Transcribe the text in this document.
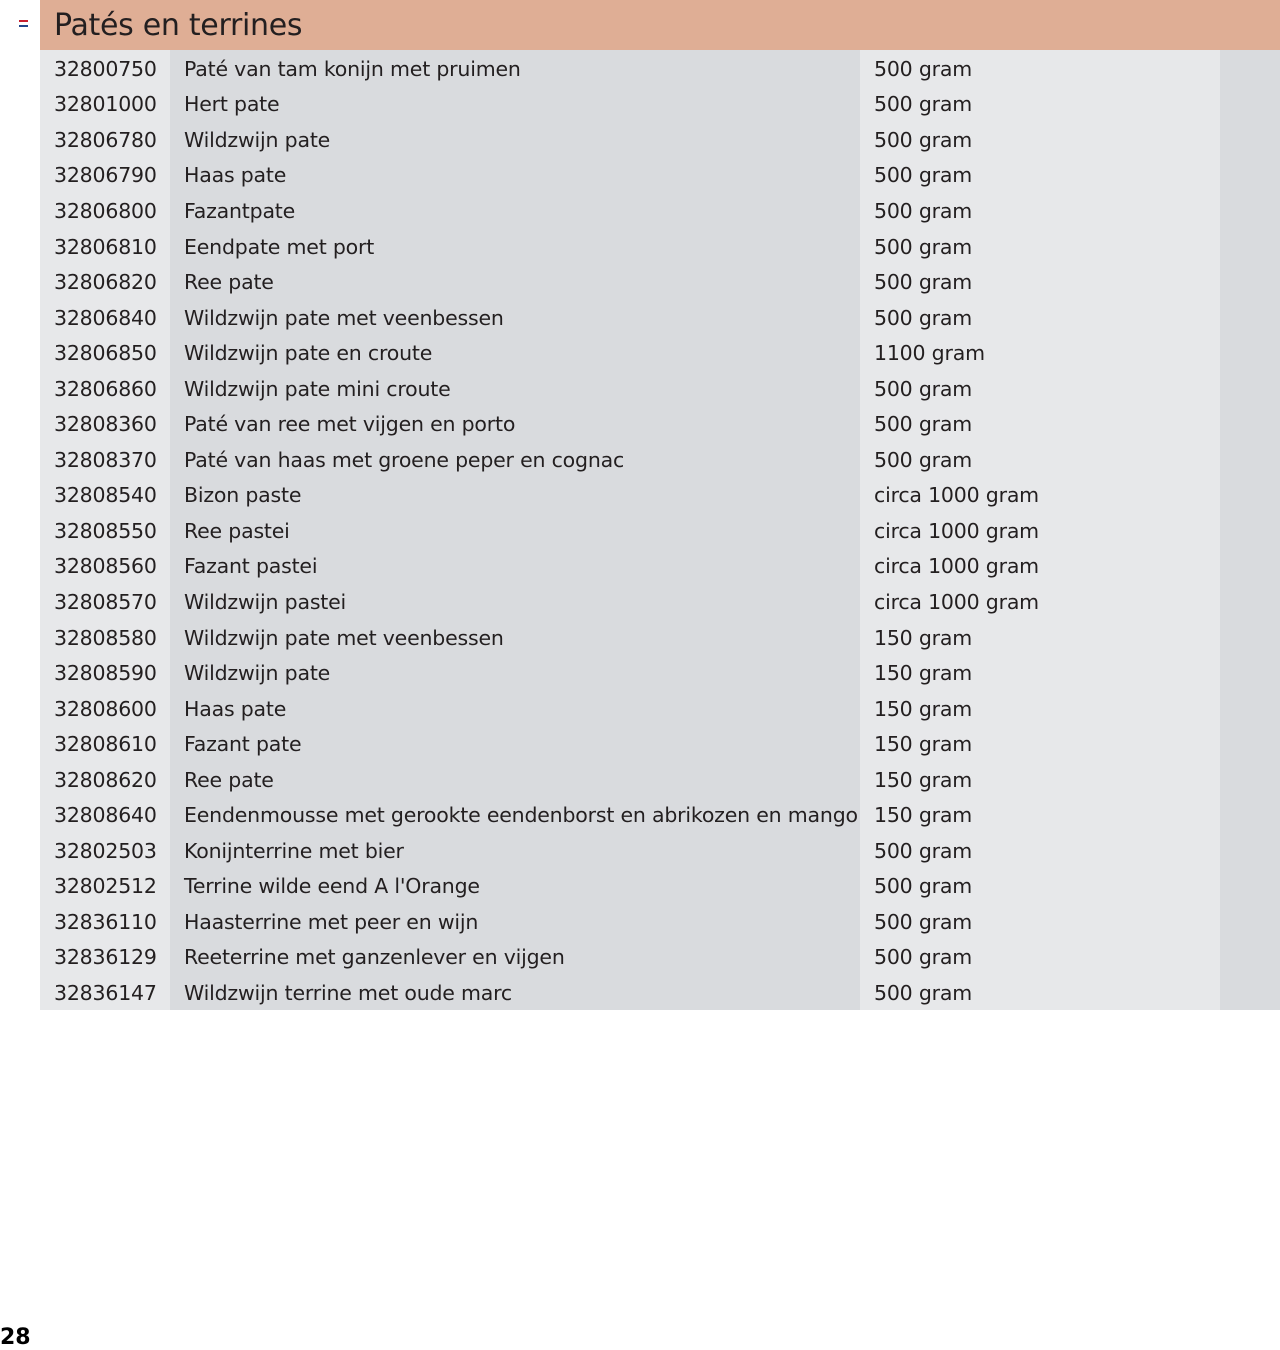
Patés en terrines
32800750	Paté van tam konijn met pruimen	500 gram
32801000	Hert pate	500 gram
32806780	Wildzwijn pate	500 gram
32806790	Haas pate	500 gram
32806800	Fazantpate	500 gram
32806810	Eendpate met port	500 gram
32806820	Ree pate	500 gram
32806840	Wildzwijn pate met veenbessen	500 gram
32806850	Wildzwijn pate en croute	1100 gram
32806860	Wildzwijn pate mini croute	500 gram
32808360	Paté van ree met vijgen en porto	500 gram
32808370	Paté van haas met groene peper en cognac	500 gram
32808540	Bizon paste	circa 1000 gram
32808550	Ree pastei	circa 1000 gram
32808560	Fazant pastei	circa 1000 gram
32808570	Wildzwijn pastei	circa 1000 gram
32808580	Wildzwijn pate met veenbessen	150 gram
32808590	Wildzwijn pate	150 gram
32808600	Haas pate	150 gram
32808610	Fazant pate	150 gram
32808620	Ree pate	150 gram
32808640	Eendenmousse met gerookte eendenborst en abrikozen en mango 150 gram
32802503	Konijnterrine met bier	500 gram
32802512	Terrine wilde eend A l'Orange	500 gram
32836110	Haasterrine met peer en wijn	500 gram
32836129	Reeterrine met ganzenlever en vijgen	500 gram
32836147	Wildzwijn terrine met oude marc	500 gram
28
